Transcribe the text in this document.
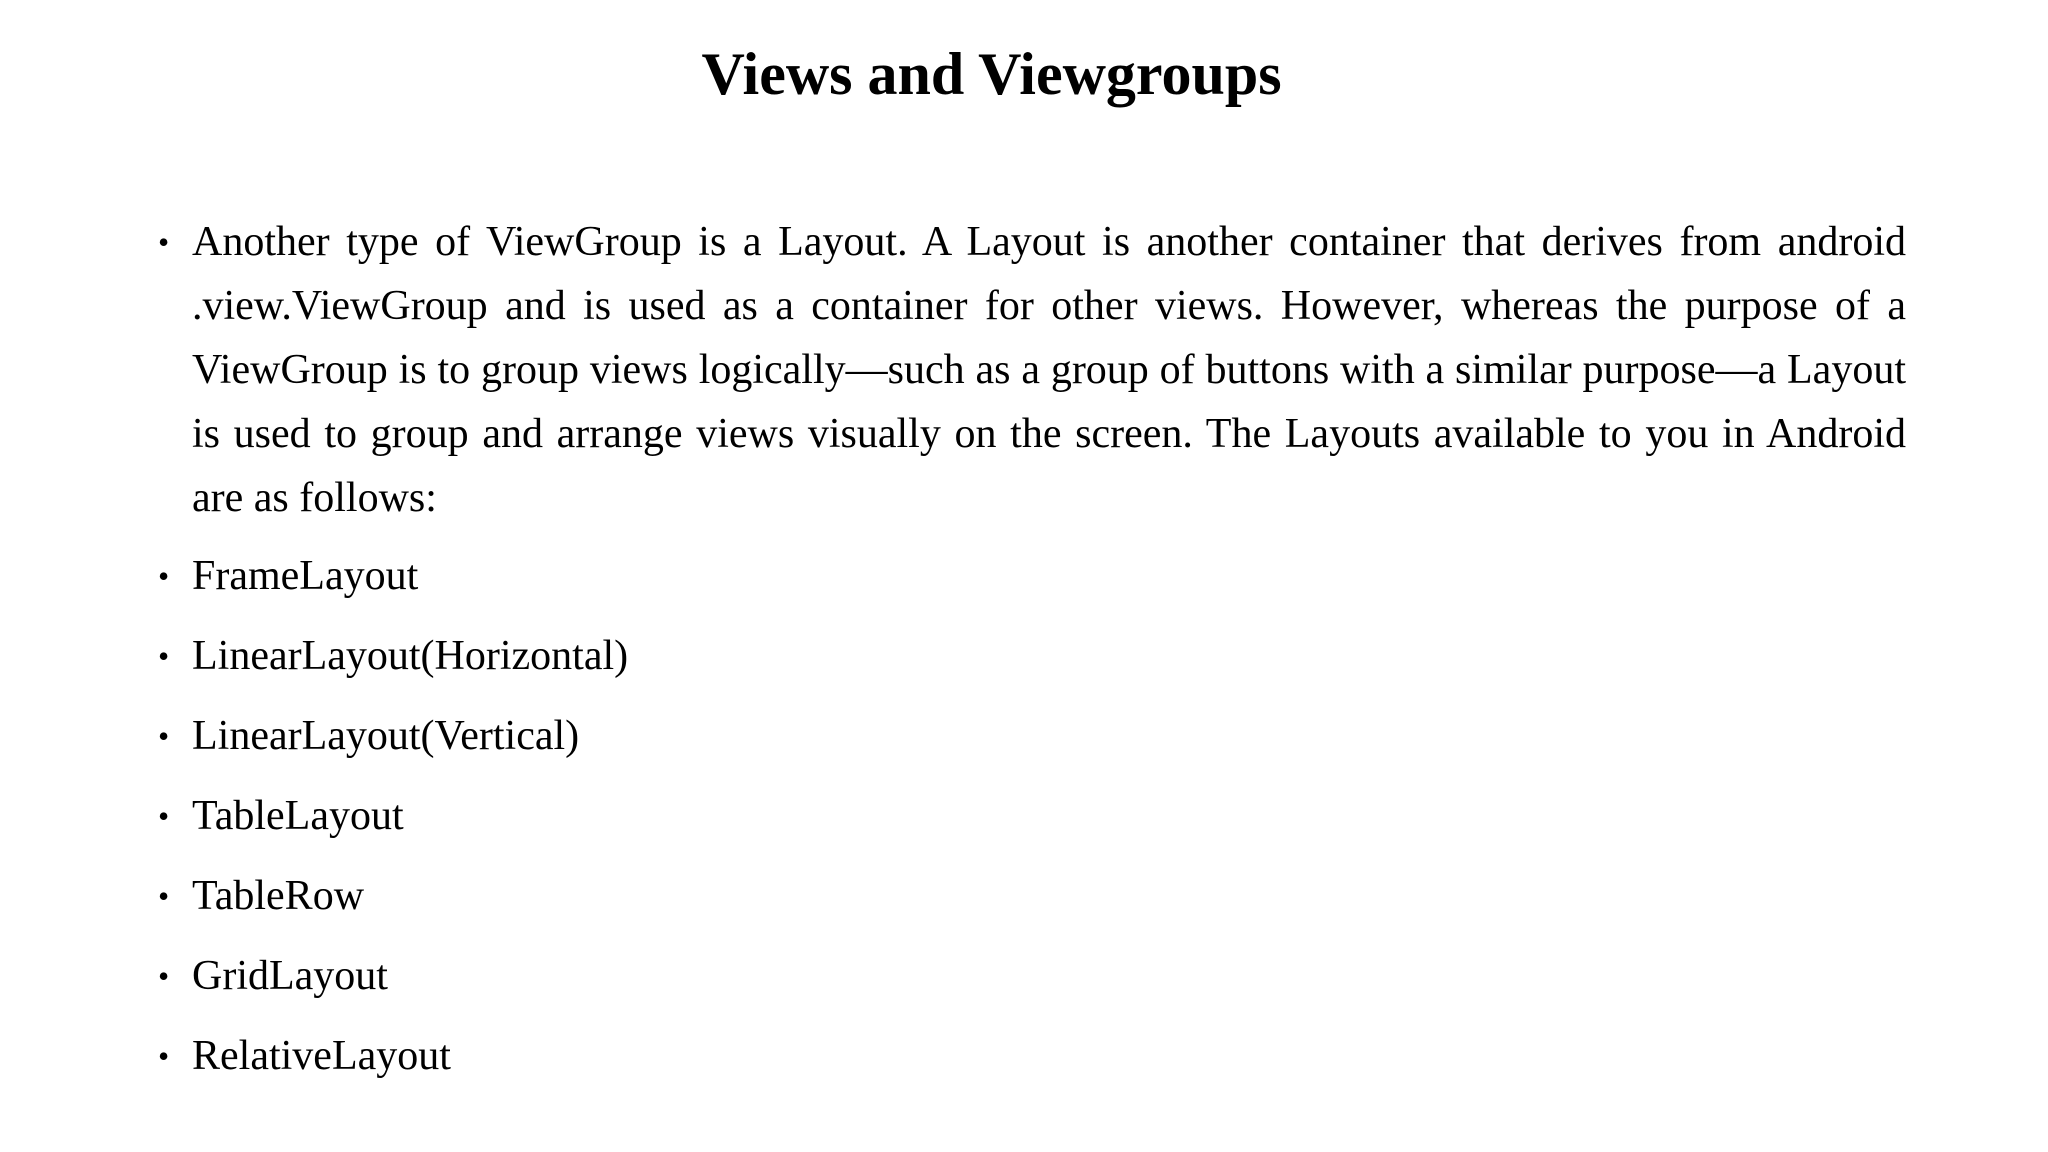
Views and Viewgroups
• Another type of ViewGroup is a Layout. A Layout is another container that derives from android .view.ViewGroup and is used as a container for other views. However, whereas the purpose of a ViewGroup is to group views logically—such as a group of buttons with a similar purpose—a Layout is used to group and arrange views visually on the screen. The Layouts available to you in Android are as follows:
• FrameLayout
• LinearLayout(Horizontal)
• LinearLayout(Vertical)
• TableLayout
• TableRow
• GridLayout
• RelativeLayout
